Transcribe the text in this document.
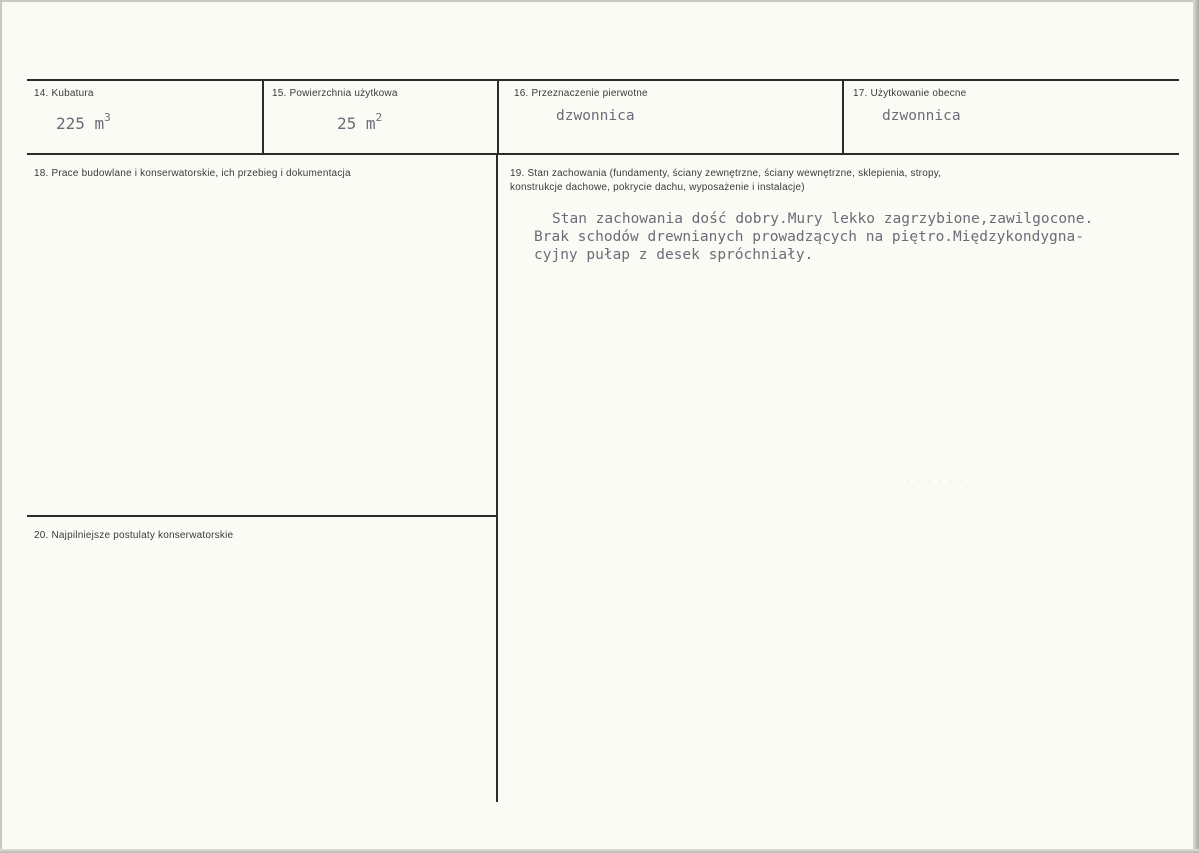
· · · · · ·
14. Kubatura
225 $m^3$
15. Powierzchnia użytkowa
25 $m^2$
16. Przeznaczenie pierwotne
dzwonnica
17. Użytkowanie obecne
dzwonnica
18. Prace budowlane i konserwatorskie, ich przebieg i dokumentacja	19. Stan zachowania (fundamenty, ściany zewnętrzne, ściany wewnętrzne, sklepienia, stropy,
konstrukcje dachowe, pokrycie dachu, wyposażenie i instalacje)
Stan zachowania dość dobry.Mury lekko zagrzybione,zawilgocone.
Brak schodów drewnianych prowadzących na piętro.Międzykondygna-
cyjny pułap z desek spróchniały.
20. Najpilniejsze postulaty konserwatorskie
